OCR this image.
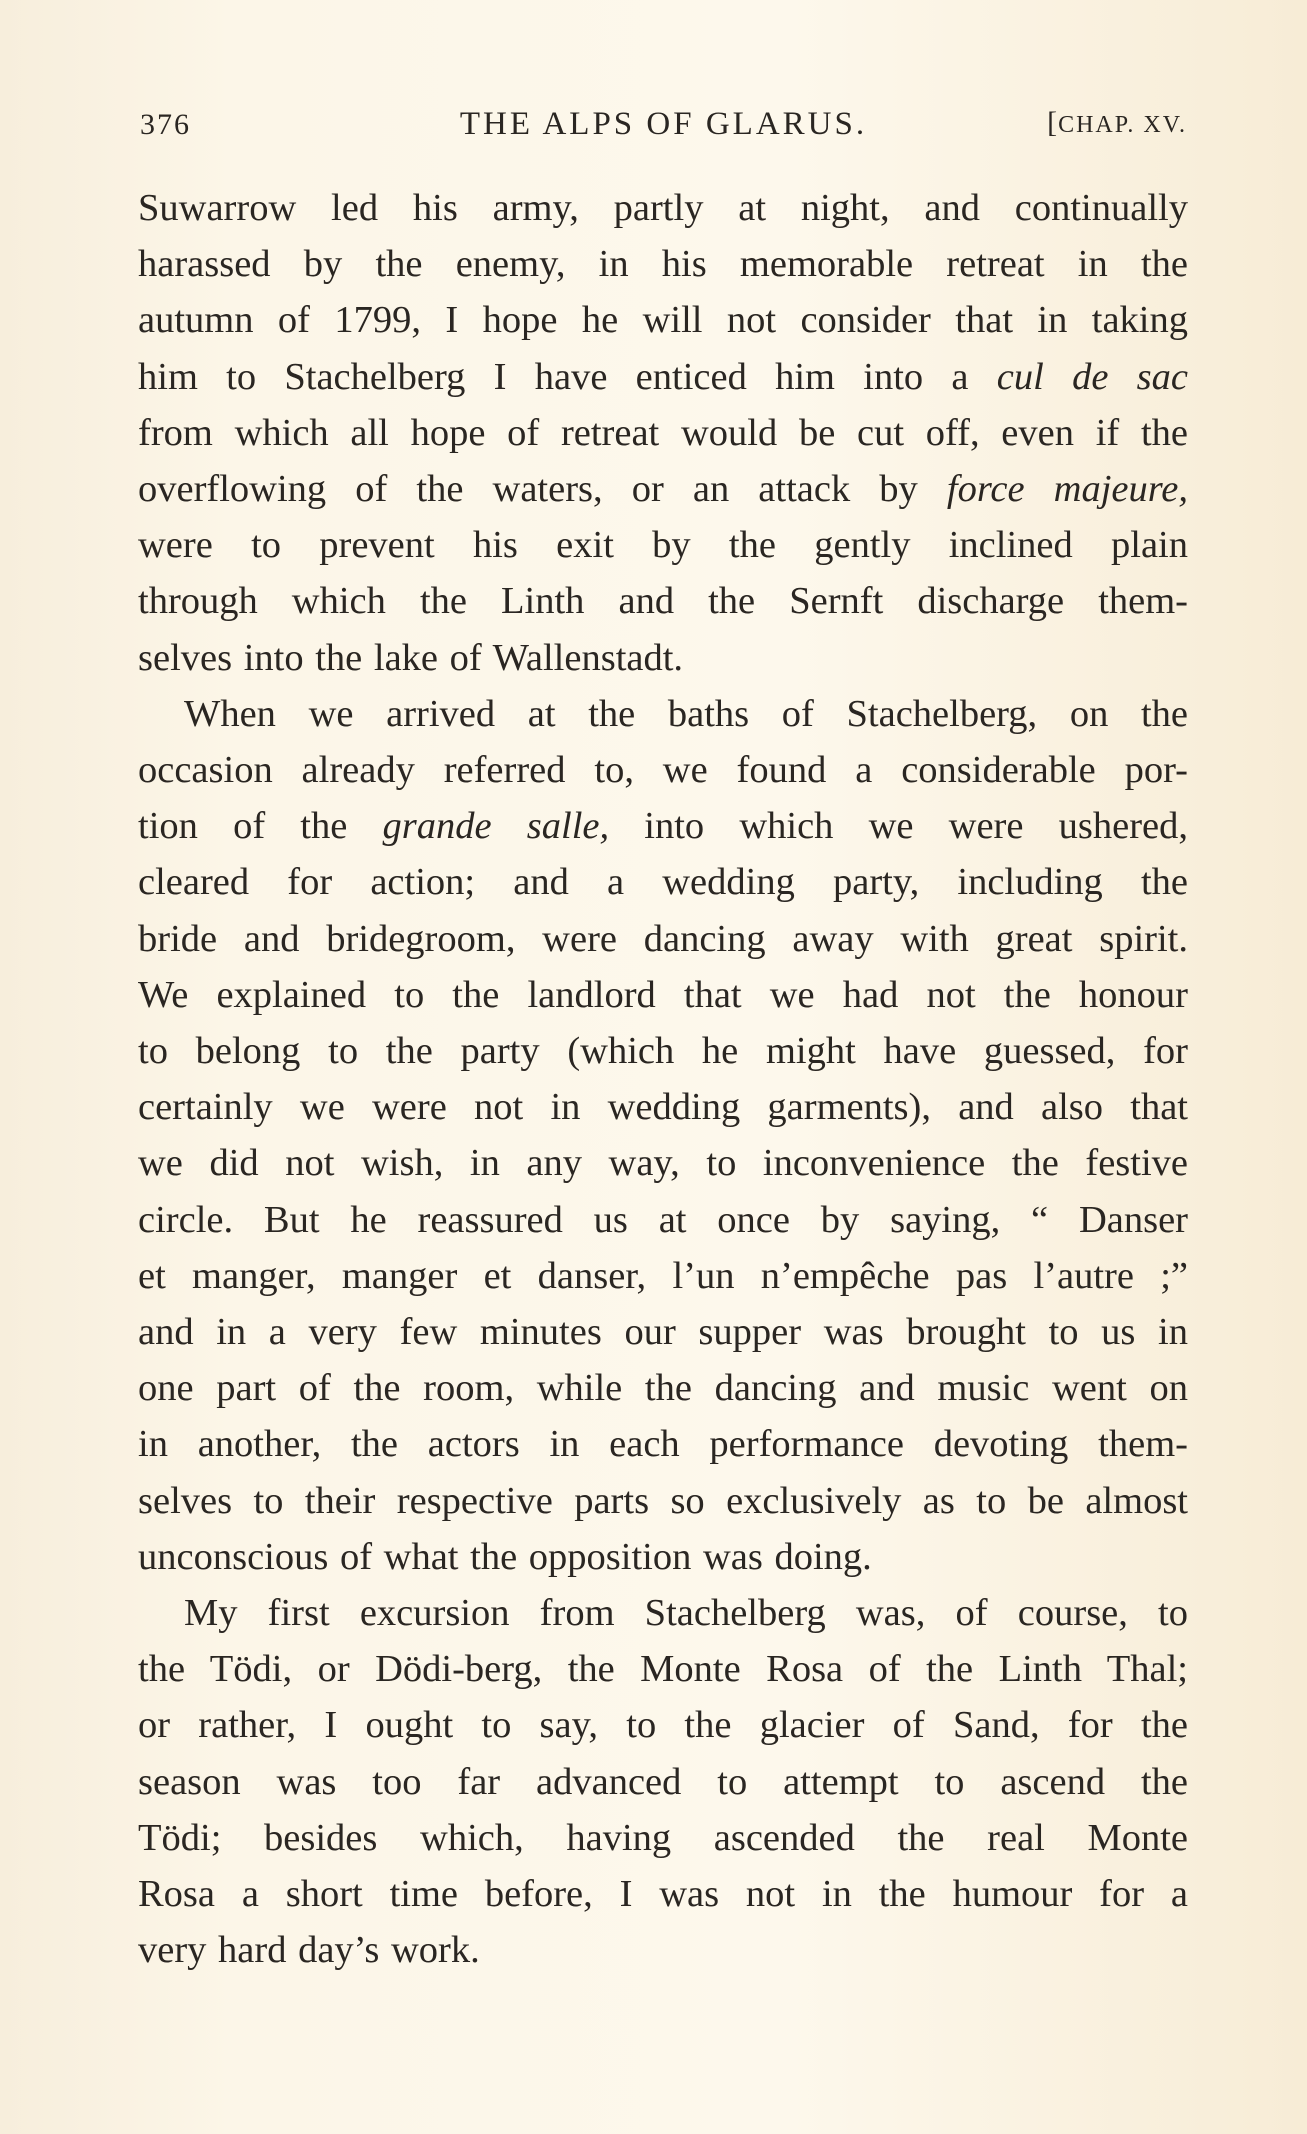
376	THE ALPS OF GLARUS.	[CHAP. XV.

Suwarrow led his army, partly at night, and continually
harassed by the enemy, in his memorable retreat in the
autumn of 1799, I hope he will not consider that in taking
him to Stachelberg I have enticed him into a cul de sac
from which all hope of retreat would be cut off, even if the
overflowing of the waters, or an attack by force majeure,
were to prevent his exit by the gently inclined plain
through which the Linth and the Sernft discharge them-
selves into the lake of Wallenstadt.

When we arrived at the baths of Stachelberg, on the
occasion already referred to, we found a considerable por-
tion of the grande salle, into which we were ushered,
cleared for action; and a wedding party, including the
bride and bridegroom, were dancing away with great spirit.
We explained to the landlord that we had not the honour
to belong to the party (which he might have guessed, for
certainly we were not in wedding garments), and also that
we did not wish, in any way, to inconvenience the festive
circle. But he reassured us at once by saying, “ Danser
et manger, manger et danser, l’un n’empêche pas l’autre ;”
and in a very few minutes our supper was brought to us in
one part of the room, while the dancing and music went on
in another, the actors in each performance devoting them-
selves to their respective parts so exclusively as to be almost
unconscious of what the opposition was doing.

My first excursion from Stachelberg was, of course, to
the Tödi, or Dödi-berg, the Monte Rosa of the Linth Thal;
or rather, I ought to say, to the glacier of Sand, for the
season was too far advanced to attempt to ascend the
Tödi; besides which, having ascended the real Monte
Rosa a short time before, I was not in the humour for a
very hard day’s work.
